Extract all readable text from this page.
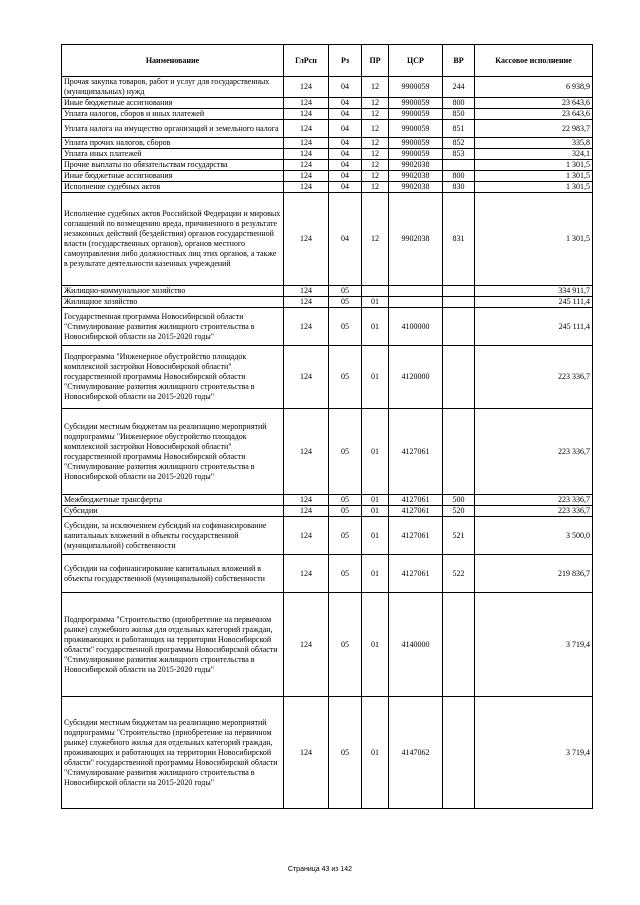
Наименование	ГлРсп	Рз	ПР	ЦСР	ВР	Кассовое исполнение
Прочая закупка товаров, работ и услуг для государственных (муниципальных) нужд	124	04	12	9900059	244	6 938,9
Иные бюджетные ассигнования	124	04	12	9900059	800	23 643,6
Уплата налогов, сборов и иных платежей	124	04	12	9900059	850	23 643,6
Уплата налога на имущество организаций и земельного налога	124	04	12	9900059	851	22 983,7
Уплата прочих налогов, сборов	124	04	12	9900059	852	335,8
Уплата иных платежей	124	04	12	9900059	853	324,1
Прочие выплаты по обязательствам государства	124	04	12	9902038		1 301,5
Иные бюджетные ассигнования	124	04	12	9902038	800	1 301,5
Исполнение судебных актов	124	04	12	9902038	830	1 301,5
Исполнение судебных актов Российской Федерации и мировых соглашений по возмещению вреда, причиненного в результате незаконных действий (бездействия) органов государственной власти (государственных органов), органов местного самоуправления либо должностных лиц этих органов, а также в результате деятельности казенных учреждений	124	04	12	9902038	831	1 301,5
Жилищно-коммунальное хозяйство	124	05				334 911,7
Жилищное хозяйство	124	05	01			245 111,4
Государственная программа Новосибирской области "Стимулирование развития жилищного строительства в Новосибирской области на 2015-2020 годы"	124	05	01	4100000		245 111,4
Подпрограмма "Инженерное обустройство площадок комплексной застройки Новосибирской области" государственной программы Новосибирской области "Стимулирование развития жилищного строительства в Новосибирской области на 2015-2020 годы"	124	05	01	4120000		223 336,7
Субсидии местным бюджетам на реализацию мероприятий подпрограммы "Инженерное обустройство площадок комплексной застройки Новосибирской области" государственной программы Новосибирской области "Стимулирование развития жилищного строительства в Новосибирской области на 2015-2020 годы"	124	05	01	4127061		223 336,7
Межбюджетные трансферты	124	05	01	4127061	500	223 336,7
Субсидии	124	05	01	4127061	520	223 336,7
Субсидии, за исключением субсидий на софинансирование капитальных вложений в объекты государственной (муниципальной) собственности	124	05	01	4127061	521	3 500,0
Субсидии на софинансирование капитальных вложений в объекты государственной (муниципальной) собственности	124	05	01	4127061	522	219 836,7
Подпрограмма "Строительство (приобретение на первичном рынке) служебного жилья для отдельных категорий граждан, проживающих и работающих на территории Новосибирской области" государственной программы Новосибирской области "Стимулирование развития жилищного строительства в Новосибирской области на 2015-2020 годы"	124	05	01	4140000		3 719,4
Субсидии местным бюджетам на реализацию мероприятий подпрограммы "Строительство (приобретение на первичном рынке) служебного жилья для отдельных категорий граждан, проживающих и работающих на территории Новосибирской области" государственной программы Новосибирской области "Стимулирование развития жилищного строительства в Новосибирской области на 2015-2020 годы"	124	05	01	4147062		3 719,4
Страница 43 из 142
